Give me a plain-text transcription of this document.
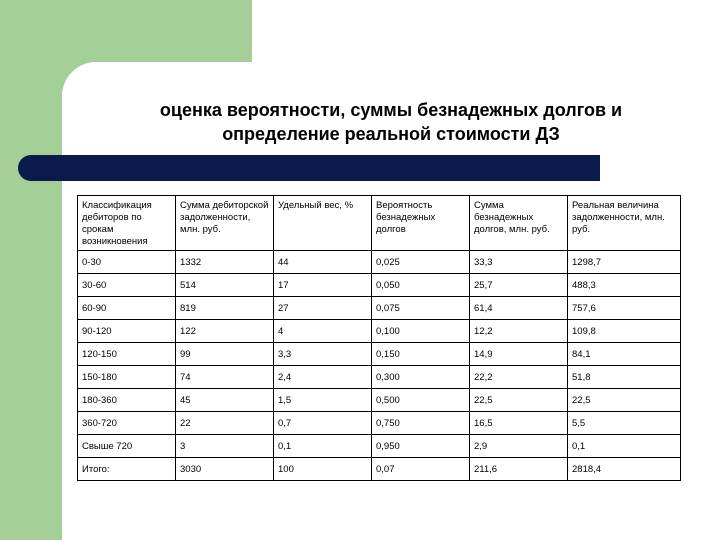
оценка вероятности, суммы безнадежных долгов и
определение реальной стоимости ДЗ
Классификация дебиторов по срокам возникновения	Сумма дебиторской задолженности, млн. руб.	Удельный вес, %	Вероятность безнадежных долгов	Сумма безнадежных долгов, млн. руб.	Реальная величина задолженности, млн. руб.
0-30	1332	44	0,025	33,3	1298,7
30-60	514	17	0,050	25,7	488,3
60-90	819	27	0,075	61,4	757,6
90-120	122	4	0,100	12,2	109,8
120-150	99	3,3	0,150	14,9	84,1
150-180	74	2,4	0,300	22,2	51,8
180-360	45	1,5	0,500	22,5	22,5
360-720	22	0,7	0,750	16,5	5,5
Свыше 720	3	0,1	0,950	2,9	0,1
Итого:	3030	100	0,07	211,6	2818,4
